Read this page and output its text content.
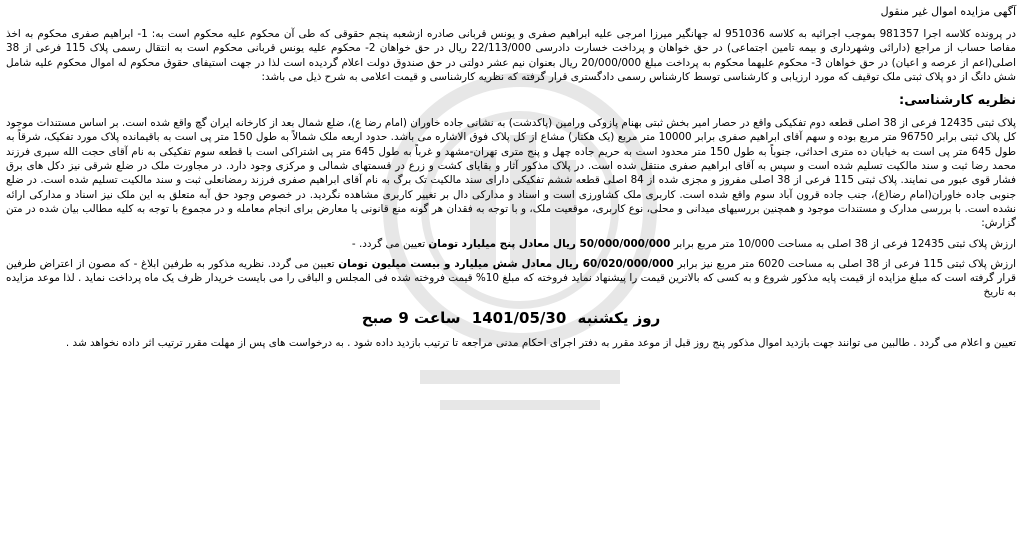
آگهی مزایده اموال غیر منقول

در پرونده کلاسه اجرا 981357 بموجب اجرائیه به کلاسه 951036 له جهانگیر میرزا امرجی علیه ابراهیم صفری و یونس قربانی صادره ازشعبه پنجم حقوقی که طی آن محکوم علیه محکوم است به: 1- ابراهیم صفری محکوم به اخذ مفاصا حساب از مراجع (دارائی وشهرداری و بیمه تامین اجتماعی) در حق خواهان و پرداخت خسارت دادرسی 22/113/000 ریال در حق خواهان 2- محکوم علیه یونس قربانی محکوم است به انتقال رسمی پلاک 115 فرعی از 38 اصلی(اعم از عرصه و اعیان) در حق خواهان 3- محکوم علیهما محکوم به پرداخت مبلغ 20/000/000 ریال بعنوان نیم عشر دولتی در حق صندوق دولت اعلام گردیده است لذا در جهت استیفای حقوق محکوم له اموال محکوم علیه شامل شش دانگ از دو پلاک ثبتی ملک توقیف که مورد ارزیابی و کارشناسی توسط کارشناس رسمی دادگستری قرار گرفته که نظریه کارشناسی و قیمت اعلامی به شرح ذیل می باشد:

نظریه کارشناسی:

پلاک ثبتی 12435 فرعی از 38 اصلی قطعه دوم تفکیکی واقع در حصار امیر بخش ثبتی بهنام پازوکی ورامین (پاکدشت) به نشانی جاده خاوران (امام رضا ع)، ضلع شمال بعد از کارخانه ایران گچ واقع شده است. بر اساس مستندات موجود کل پلاک ثبتی برابر 96750 متر مربع بوده و سهم آقای ابراهیم صفری برابر 10000 متر مربع (یک هکتار) مشاع از کل پلاک فوق الاشاره می باشد. حدود اربعه ملک شمالاً به طول 150 متر پی است به باقیمانده پلاک مورد تفکیک، شرقاً به طول 645 متر پی است به خیابان ده متری احداثی، جنوباً به طول 150 متر محدود است به حریم جاده چهل و پنج متری تهران-مشهد و غرباً به طول 645 متر پی اشتراکی است با قطعه سوم تفکیکی به نام آقای حجت الله سیری فرزند محمد رضا ثبت و سند مالکیت تسلیم شده است و سپس به آقای ابراهیم صفری منتقل شده است. در پلاک مذکور آثار و بقایای کشت و زرع در قسمتهای شمالی و مرکزی وجود دارد. در مجاورت ملک در ضلع شرقی نیز دکل های برق فشار قوی عبور می نمایند. پلاک ثبتی 115 فرعی از 38 اصلی مفروز و مجزی شده از 84 اصلی قطعه ششم تفکیکی دارای سند مالکیت تک برگ به نام آقای ابراهیم صفری فرزند رمضانعلی ثبت و سند مالکیت تسلیم شده است. در ضلع جنوبی جاده خاوران(امام رضا(ع)، جنب جاده قرون آباد سوم واقع شده است. کاربری ملک کشاورزی است و اسناد و مدارکی دال بر تغییر کاربری مشاهده نگردید. در خصوص وجود حق آبه متعلق به این ملک نیز اسناد و مدارکی ارائه نشده است. با بررسی مدارک و مستندات موجود و همچنین بررسیهای میدانی و محلی، نوع کاربری، موقعیت ملک، و با توجه به فقدان هر گونه منع قانونی یا معارض برای انجام معامله و در مجموع با توجه به کلیه مطالب بیان شده در متن گزارش:

ارزش پلاک ثبتی 12435 فرعی از 38 اصلی به مساحت 10/000 متر مربع برابر 50/000/000/000 ریال معادل پنج میلیارد تومان تعیین می گردد. -

ارزش پلاک ثبتی 115 فرعی از 38 اصلی به مساحت 6020 متر مربع نیز برابر 60/020/000/000 ریال معادل شش میلیارد و بیست میلیون تومان تعیین می گردد. نظریه مذکور به طرفین ابلاغ - که مصون از اعتراض طرفین قرار گرفته است که مبلغ مزایده از قیمت پایه مذکور شروع و به کسی که بالاترین قیمت را پیشنهاد نماید فروخته که مبلغ 10% قیمت فروخته شده فی المجلس و الباقی را می بایست خریدار ظرف یک ماه پرداخت نماید . لذا موعد مزایده به تاریخ

روز یکشنبه 1401/05/30 ساعت 9 صبح

تعیین و اعلام می گردد . طالبین می توانند جهت بازدید اموال مذکور پنج روز قبل از موعد مقرر به دفتر اجرای احکام مدنی مراجعه تا ترتیب بازدید داده شود . به درخواست های پس از مهلت مقرر ترتیب اثر داده نخواهد شد .
